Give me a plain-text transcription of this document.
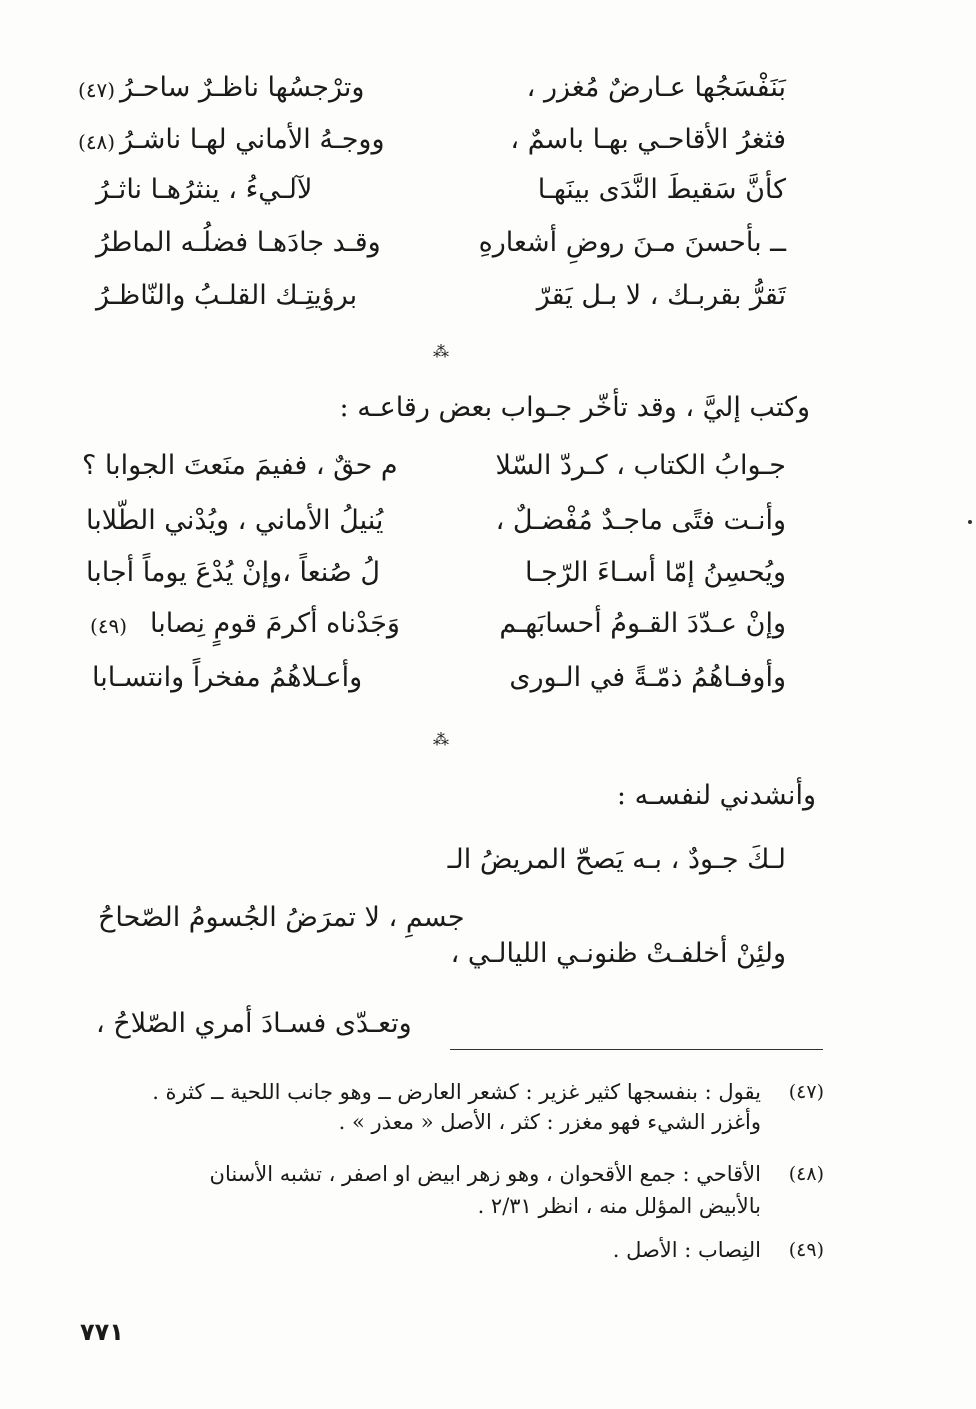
بَنَفْسَجُها عـارضٌ مُغزر ،
وترْجسُها ناظـرٌ ساحـرُ
(٤٧)
فثغرُ الأقاحـي بهـا باسمٌ ،
ووجـهُ الأماني لهـا ناشـرُ
(٤٨)
كأنَّ سَقيطَ النَّدَى بينَهـا
لآلـيءُ ، ينثرُهـا ناثـرُ
ــ بأحسنَ مـنَ روضِ أشعارهِ
وقـد جادَهـا فضلُـه الماطرُ
تَقرُّ بقربـك ، لا بـل يَقرّ
برؤيتِـك القلـبُ والنّاظـرُ
⁂
وكتب إليَّ ، وقد تأخّر جـواب بعض رقاعـه :
جـوابُ الكتاب ، كـردّ السّلا
م حقٌ ، ففيمَ منَعتَ الجوابا ؟
وأنـت فتًى ماجـدٌ مُفْضـلٌ ،
يُنيلُ الأماني ، ويُدْني الطّلابا
ويُحسِنُ إمّا أسـاءَ الرّجـا
لُ صُنعاً ،وإنْ يُدْعَ يوماً أجابا
وإنْ عـدّدَ القـومُ أحسابَهـم
وَجَدْناه أكرمَ قومٍ نِصابا
(٤٩)
وأوفـاهُمُ ذمّـةً في الـورى
وأعـلاهُمُ مفخراً وانتسـابا
⁂
وأنشدني لنفسـه :
لـكَ جـودٌ ، بـه يَصحّ المريضُ الـ
جسمِ ، لا تمرَضُ الجُسومُ الصّحاحُ
ولئِنْ أخلفـتْ ظنونـي الليالـي ،
وتعـدّى فسـادَ أمري الصّلاحُ ،
(٤٧)
يقول : بنفسجها كثير غزير : كشعر العارض ــ وهو جانب اللحية ــ كثرة .
وأغزر الشيء فهو مغزر : كثر ، الأصل « معذر » .
(٤٨)
الأقاحي : جمع الأقحوان ، وهو زهر ابيض او اصفر ، تشبه الأسنان
بالأبيض المؤلل منه ، انظر ٢/٣١ .
(٤٩)
النِصاب : الأصل .
٧٧١
